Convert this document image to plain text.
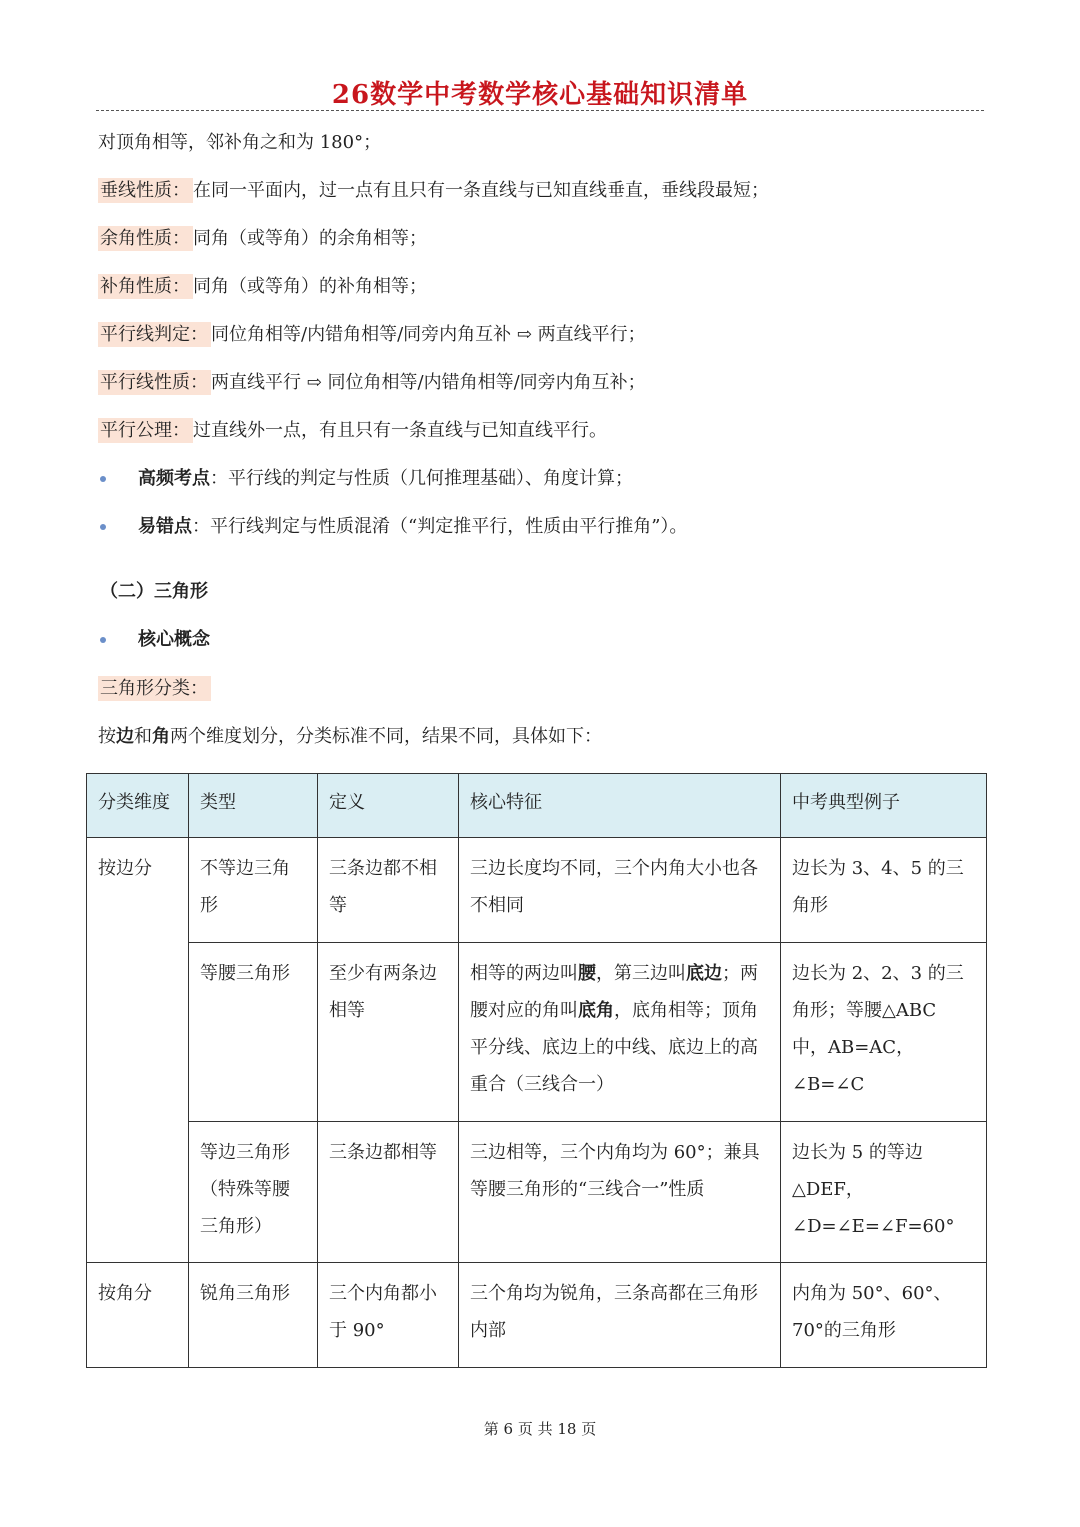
26数学中考数学核心基础知识清单
对顶角相等，邻补角之和为 180°；
垂线性质： 在同一平面内，过一点有且只有一条直线与已知直线垂直，垂线段最短；
余角性质： 同角（或等角）的余角相等；
补角性质： 同角（或等角）的补角相等；
平行线判定： 同位角相等/内错角相等/同旁内角互补 ⇨ 两直线平行；
平行线性质： 两直线平行 ⇨ 同位角相等/内错角相等/同旁内角互补；
平行公理： 过直线外一点，有且只有一条直线与已知直线平行。
高频考点：平行线的判定与性质（几何推理基础）、角度计算；
易错点：平行线判定与性质混淆（“判定推平行，性质由平行推角”）。
（二）三角形
核心概念
三角形分类：
按边和角两个维度划分，分类标准不同，结果不同，具体如下：
分类维度	类型	定义	核心特征	中考典型例子
按边分	不等边三角形	三条边都不相等	三边长度均不同，三个内角大小也各不相同	边长为 3、4、5 的三角形
	等腰三角形	至少有两条边相等	相等的两边叫腰，第三边叫底边；两腰对应的角叫底角，底角相等；顶角平分线、底边上的中线、底边上的高重合（三线合一）	边长为 2、2、3 的三角形；等腰△ABC 中，AB=AC，∠B=∠C
	等边三角形（特殊等腰三角形）	三条边都相等	三边相等，三个内角均为 60°；兼具等腰三角形的“三线合一”性质	边长为 5 的等边△DEF，∠D=∠E=∠F=60°
按角分	锐角三角形	三个内角都小于 90°	三个角均为锐角，三条高都在三角形内部	内角为 50°、60°、70°的三角形
第 6 页 共 18 页
